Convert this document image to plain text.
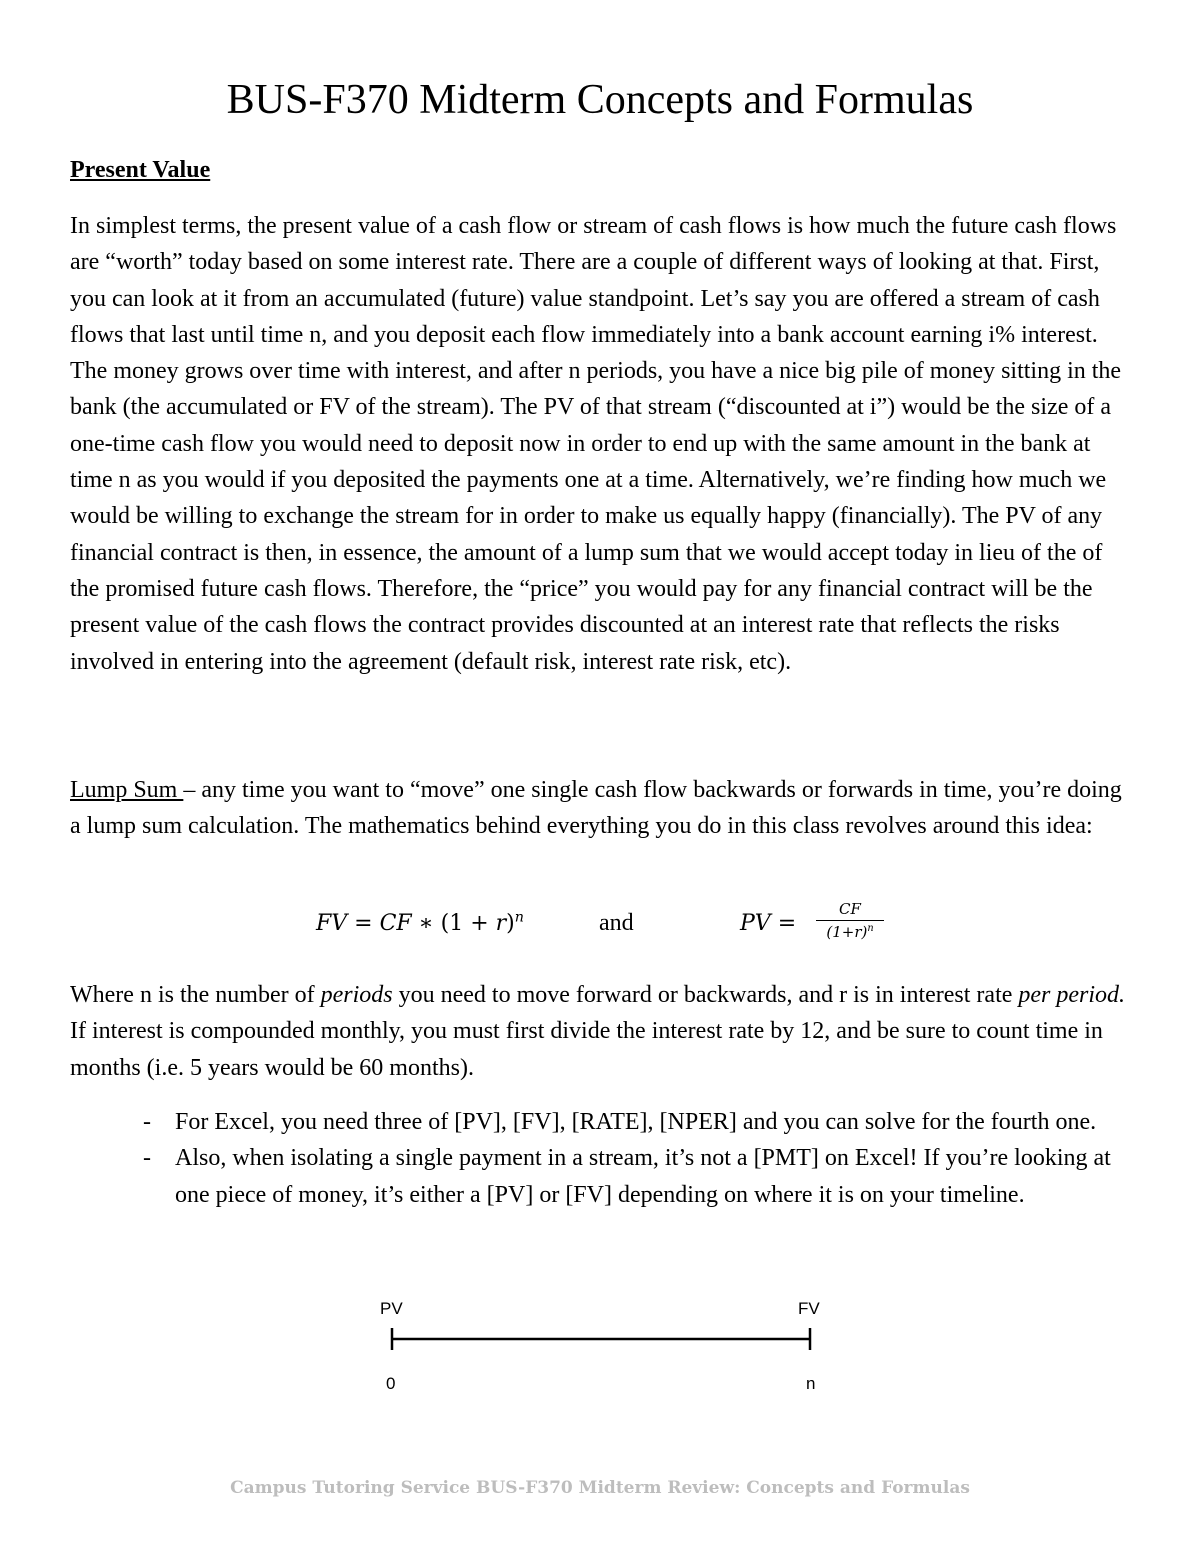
BUS-F370 Midterm Concepts and Formulas
Present Value

In simplest terms, the present value of a cash flow or stream of cash flows is how much the future cash flows are “worth” today based on some interest rate. There are a couple of different ways of looking at that. First, you can look at it from an accumulated (future) value standpoint. Let’s say you are offered a stream of cash flows that last until time n, and you deposit each flow immediately into a bank account earning i% interest. The money grows over time with interest, and after n periods, you have a nice big pile of money sitting in the bank (the accumulated or FV of the stream). The PV of that stream (“discounted at i”) would be the size of a one-time cash flow you would need to deposit now in order to end up with the same amount in the bank at time n as you would if you deposited the payments one at a time. Alternatively, we’re finding how much we would be willing to exchange the stream for in order to make us equally happy (financially). The PV of any financial contract is then, in essence, the amount of a lump sum that we would accept today in lieu of the of the promised future cash flows. Therefore, the “price” you would pay for any financial contract will be the present value of the cash flows the contract provides discounted at an interest rate that reflects the risks involved in entering into the agreement (default risk, interest rate risk, etc).

Lump Sum – any time you want to “move” one single cash flow backwards or forwards in time, you’re doing a lump sum calculation. The mathematics behind everything you do in this class revolves around this idea:

FV = CF ∗ $(1 + r)^n$	and	PV =
CF
$(1+r)^n$

Where n is the number of periods you need to move forward or backwards, and r is in interest rate per period. If interest is compounded monthly, you must first divide the interest rate by 12, and be sure to count time in months (i.e. 5 years would be 60 months).

- For Excel, you need three of [PV], [FV], [RATE], [NPER] and you can solve for the fourth one.
- Also, when isolating a single payment in a stream, it’s not a [PMT] on Excel! If you’re looking at one piece of money, it’s either a [PV] or [FV] depending on where it is on your timeline.
PV	FV
0	n

Campus Tutoring Service BUS-F370 Midterm Review: Concepts and Formulas
